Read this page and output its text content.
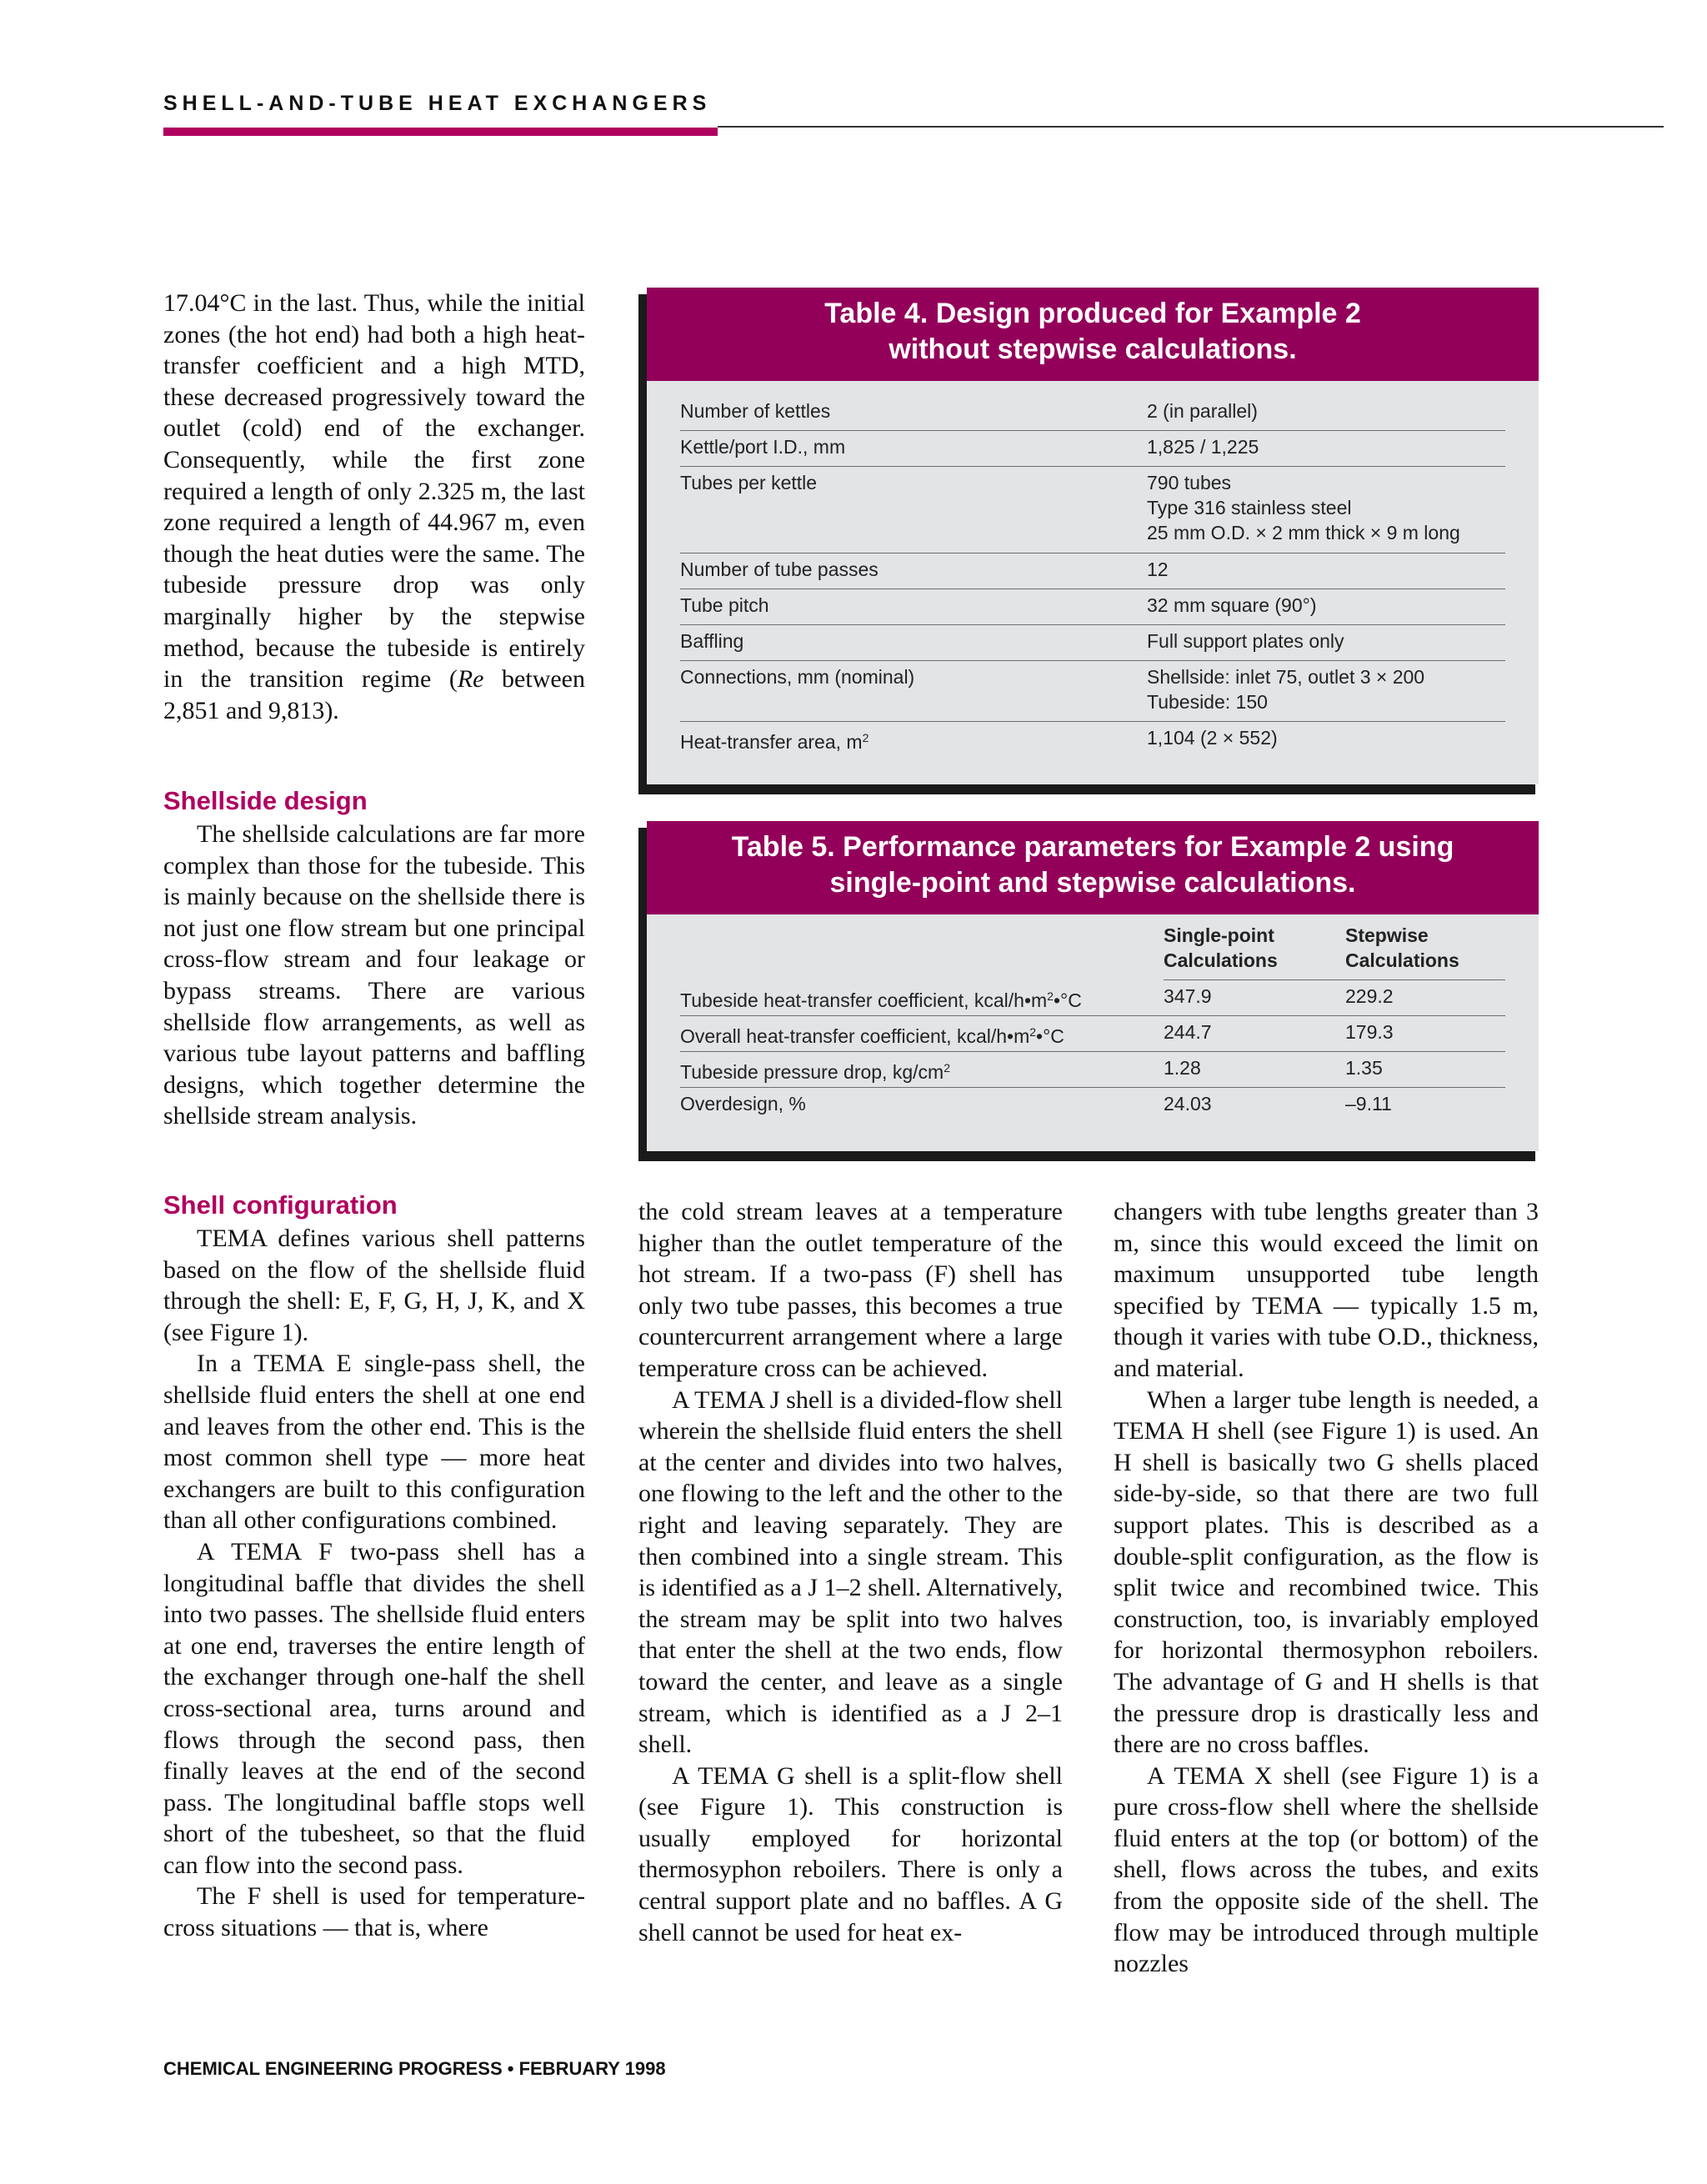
SHELL-AND-TUBE HEAT EXCHANGERS

17.04°C in the last. Thus, while the initial zones (the hot end) had both a high heat-transfer coefficient and a high MTD, these decreased progressively toward the outlet (cold) end of the exchanger. Consequently, while the first zone required a length of only 2.325 m, the last zone required a length of 44.967 m, even though the heat duties were the same. The tubeside pressure drop was only marginally higher by the stepwise method, because the tubeside is entirely in the transition regime (Re between 2,851 and 9,813).

Shellside design

The shellside calculations are far more complex than those for the tubeside. This is mainly because on the shellside there is not just one flow stream but one principal cross-flow stream and four leakage or bypass streams. There are various shellside flow arrangements, as well as various tube layout patterns and baffling designs, which together determine the shellside stream analysis.

Shell configuration

TEMA defines various shell patterns based on the flow of the shellside fluid through the shell: E, F, G, H, J, K, and X (see Figure 1).

In a TEMA E single-pass shell, the shellside fluid enters the shell at one end and leaves from the other end. This is the most common shell type — more heat exchangers are built to this configuration than all other configurations combined.

A TEMA F two-pass shell has a longitudinal baffle that divides the shell into two passes. The shellside fluid enters at one end, traverses the entire length of the exchanger through one-half the shell cross-sectional area, turns around and flows through the second pass, then finally leaves at the end of the second pass. The longitudinal baffle stops well short of the tubesheet, so that the fluid can flow into the second pass.

The F shell is used for temperature-cross situations — that is, where

the cold stream leaves at a temperature higher than the outlet temperature of the hot stream. If a two-pass (F) shell has only two tube passes, this becomes a true countercurrent arrangement where a large temperature cross can be achieved.

A TEMA J shell is a divided-flow shell wherein the shellside fluid enters the shell at the center and divides into two halves, one flowing to the left and the other to the right and leaving separately. They are then combined into a single stream. This is identified as a J 1–2 shell. Alternatively, the stream may be split into two halves that enter the shell at the two ends, flow toward the center, and leave as a single stream, which is identified as a J 2–1 shell.

A TEMA G shell is a split-flow shell (see Figure 1). This construction is usually employed for horizontal thermosyphon reboilers. There is only a central support plate and no baffles. A G shell cannot be used for heat ex-

changers with tube lengths greater than 3 m, since this would exceed the limit on maximum unsupported tube length specified by TEMA — typically 1.5 m, though it varies with tube O.D., thickness, and material.

When a larger tube length is needed, a TEMA H shell (see Figure 1) is used. An H shell is basically two G shells placed side-by-side, so that there are two full support plates. This is described as a double-split configuration, as the flow is split twice and recombined twice. This construction, too, is invariably employed for horizontal thermosyphon reboilers. The advantage of G and H shells is that the pressure drop is drastically less and there are no cross baffles.

A TEMA X shell (see Figure 1) is a pure cross-flow shell where the shellside fluid enters at the top (or bottom) of the shell, flows across the tubes, and exits from the opposite side of the shell. The flow may be introduced through multiple nozzles

Table 4. Design produced for Example 2
without stepwise calculations.
Number of kettles	2 (in parallel)
Kettle/port I.D., mm	1,825 / 1,225
Tubes per kettle	790 tubes
Type 316 stainless steel
25 mm O.D. × 2 mm thick × 9 m long
Number of tube passes	12
Tube pitch	32 mm square (90°)
Baffling	Full support plates only
Connections, mm (nominal)	Shellside: inlet 75, outlet 3 × 200
Tubeside: 150
Heat-transfer area, $m^2$	1,104 (2 × 552)
Table 5. Performance parameters for Example 2 using
single-point and stepwise calculations.
Single-point
Calculations
Stepwise
Calculations
Tubeside heat-transfer coefficient, kcal/$h•m^2•^\circ C$	347.9	229.2
Overall heat-transfer coefficient, kcal/$h•m^2•^\circ C$	244.7	179.3
Tubeside pressure drop, $kg/cm^2$	1.28	1.35
Overdesign, %	24.03	–9.11
CHEMICAL ENGINEERING PROGRESS • FEBRUARY 1998
